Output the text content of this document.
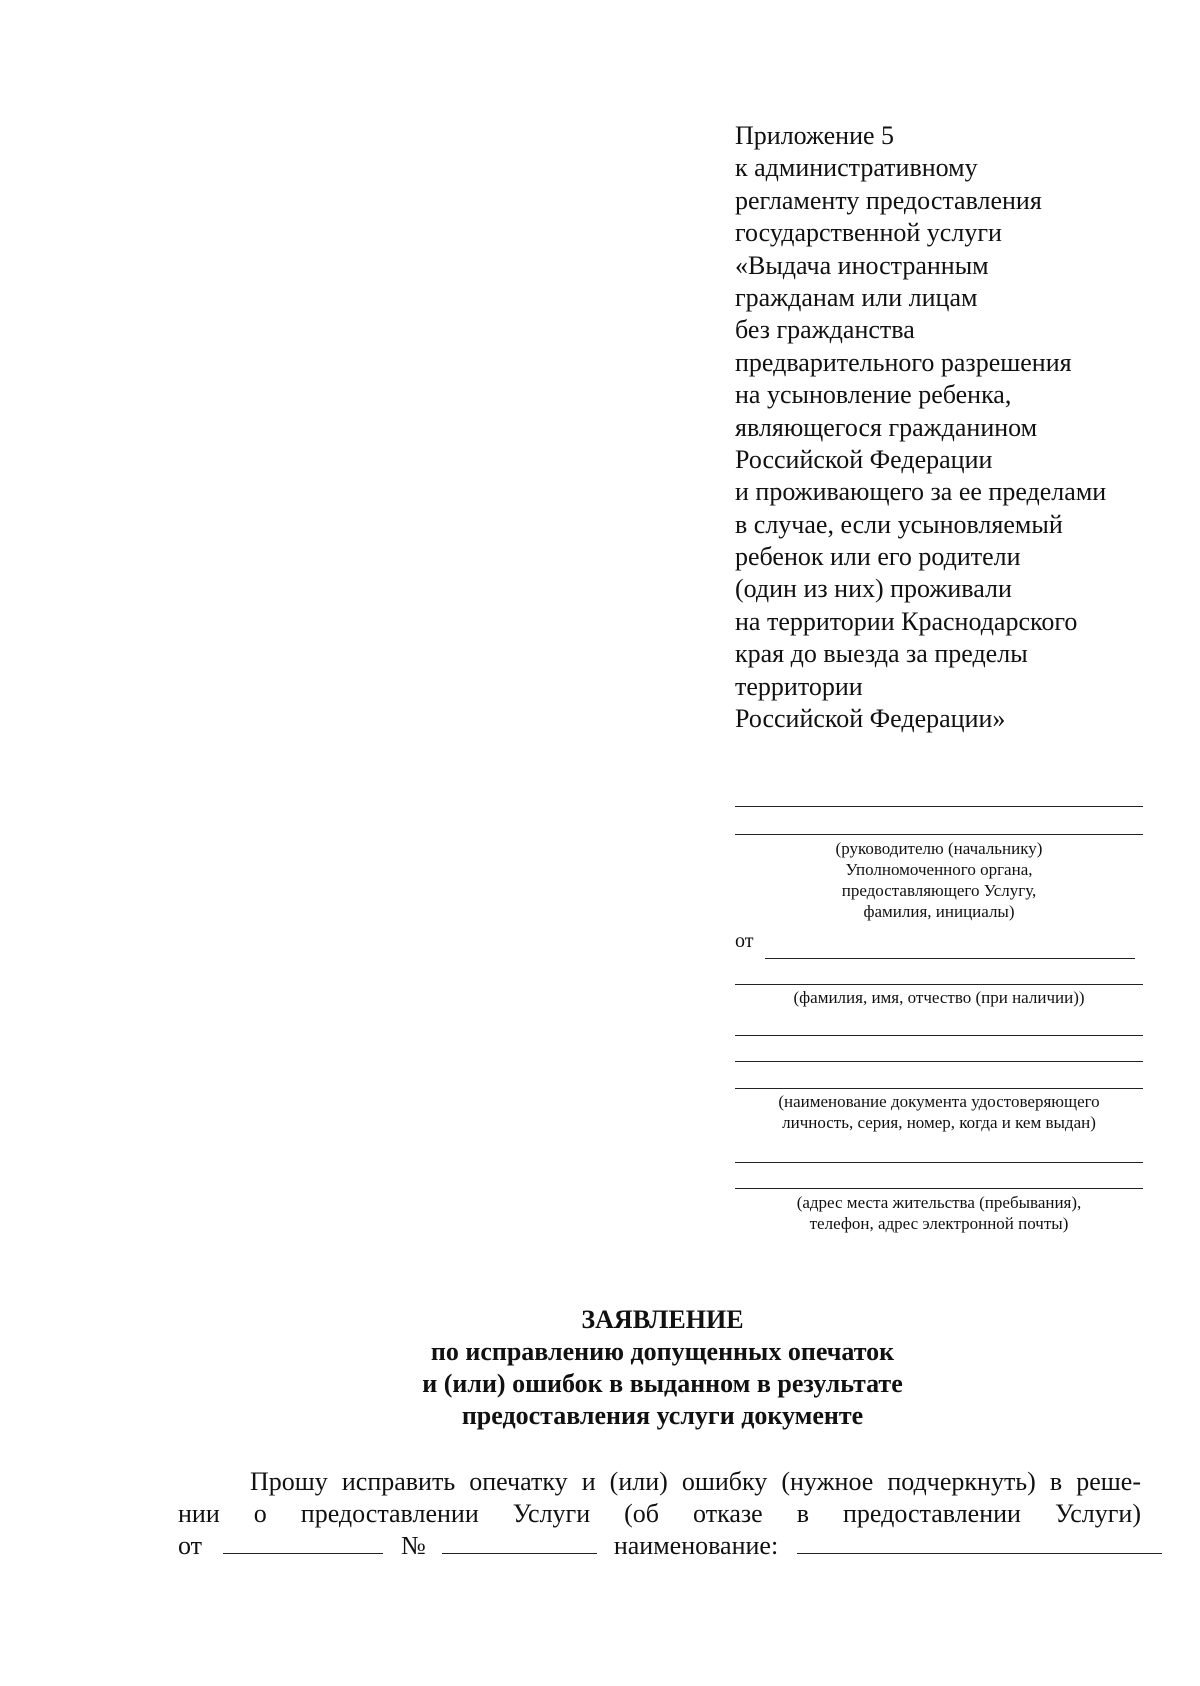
Приложение 5
к административному
регламенту предоставления
государственной услуги
«Выдача иностранным
гражданам или лицам
без гражданства
предварительного разрешения
на усыновление ребенка,
являющегося гражданином
Российской Федерации
и проживающего за ее пределами
в случае, если усыновляемый
ребенок или его родители
(один из них) проживали
на территории Краснодарского
края до выезда за пределы
территории
Российской Федерации»
(руководителю (начальнику)
Уполномоченного органа,
предоставляющего Услугу,
фамилия, инициалы)
от
(фамилия, имя, отчество (при наличии))
(наименование документа удостоверяющего
личность, серия, номер, когда и кем выдан)
(адрес места жительства (пребывания),
телефон, адрес электронной почты)
ЗАЯВЛЕНИЕ
по исправлению допущенных опечаток
и (или) ошибок в выданном в результате
предоставления услуги документе
Прошу исправить опечатку и (или) ошибку (нужное подчеркнуть) в реше-
нии о предоставлении Услуги (об отказе в предоставлении Услуги)
от	№	наименование:
